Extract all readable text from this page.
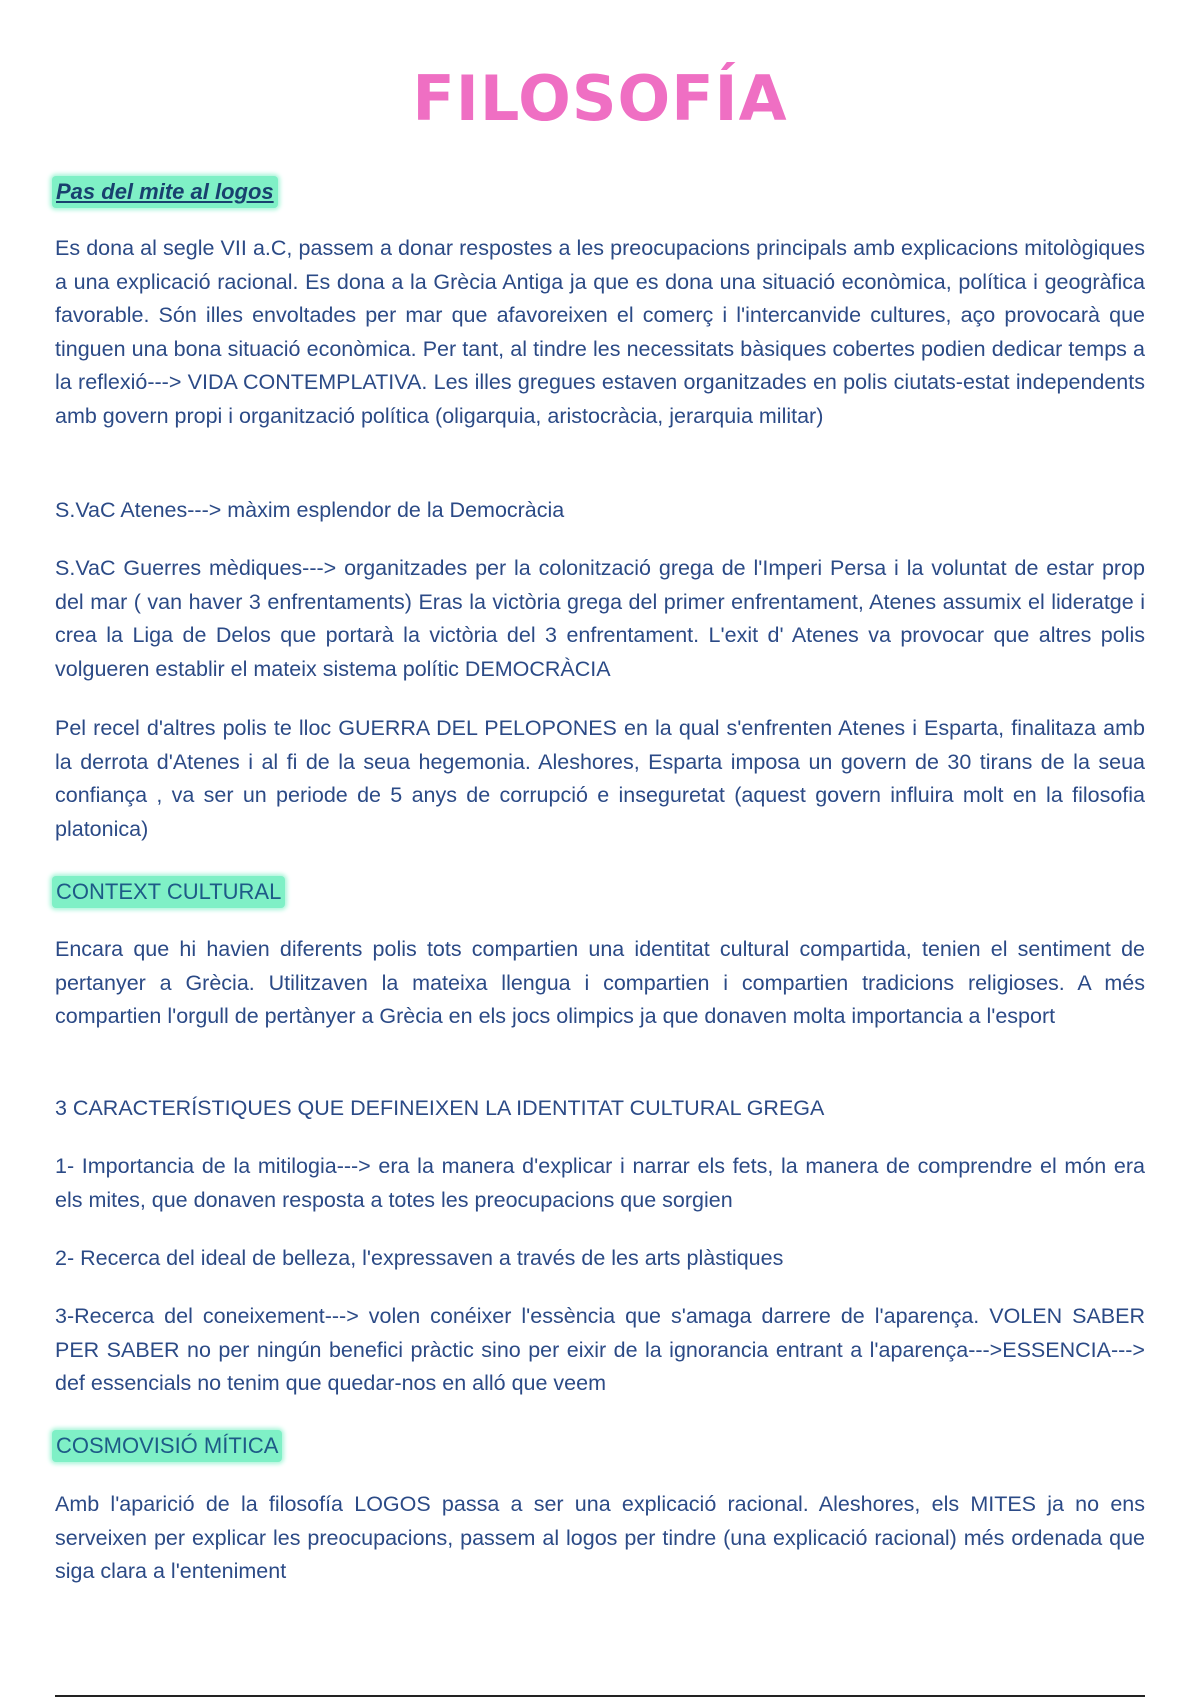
FILOSOFÍA
Pas del mite al logos

Es dona al segle VII a.C, passem a donar respostes a les preocupacions principals amb explicacions mitològiques a una explicació racional. Es dona a la Grècia Antiga ja que es dona una situació econòmica, política i geogràfica favorable. Són illes envoltades per mar que afavoreixen el comerç i l'intercanvide cultures, aço provocarà que tinguen una bona situació econòmica. Per tant, al tindre les necessitats bàsiques cobertes podien dedicar temps a la reflexió---> VIDA CONTEMPLATIVA. Les illes gregues estaven organitzades en polis ciutats-estat independents amb govern propi i organització política (oligarquia, aristocràcia, jerarquia militar)

S.VaC Atenes---> màxim esplendor de la Democràcia

S.VaC Guerres mèdiques---> organitzades per la colonització grega de l'Imperi Persa i la voluntat de estar prop del mar ( van haver 3 enfrentaments) Eras la victòria grega del primer enfrentament, Atenes assumix el lideratge i crea la Liga de Delos que portarà la victòria del 3 enfrentament. L'exit d' Atenes va provocar que altres polis volgueren establir el mateix sistema polític DEMOCRÀCIA

Pel recel d'altres polis te lloc GUERRA DEL PELOPONES en la qual s'enfrenten Atenes i Esparta, finalitaza amb la derrota d'Atenes i al fi de la seua hegemonia. Aleshores, Esparta imposa un govern de 30 tirans de la seua confiança , va ser un periode de 5 anys de corrupció e inseguretat (aquest govern influira molt en la filosofia platonica)

CONTEXT CULTURAL

Encara que hi havien diferents polis tots compartien una identitat cultural compartida, tenien el sentiment de pertanyer a Grècia. Utilitzaven la mateixa llengua i compartien i compartien tradicions religioses. A més compartien l'orgull de pertànyer a Grècia en els jocs olimpics ja que donaven molta importancia a l'esport

3 CARACTERÍSTIQUES QUE DEFINEIXEN LA IDENTITAT CULTURAL GREGA

1- Importancia de la mitilogia---> era la manera d'explicar i narrar els fets, la manera de comprendre el món era els mites, que donaven resposta a totes les preocupacions que sorgien

2- Recerca del ideal de belleza, l'expressaven a través de les arts plàstiques

3-Recerca del coneixement---> volen conéixer l'essència que s'amaga darrere de l'aparença. VOLEN SABER PER SABER no per ningún benefici pràctic sino per eixir de la ignorancia entrant a l'aparença--->ESSENCIA---> def essencials no tenim que quedar-nos en alló que veem

COSMOVISIÓ MÍTICA

Amb l'aparició de la filosofía LOGOS passa a ser una explicació racional. Aleshores, els MITES ja no ens serveixen per explicar les preocupacions, passem al logos per tindre (una explicació racional) més ordenada que siga clara a l'enteniment
